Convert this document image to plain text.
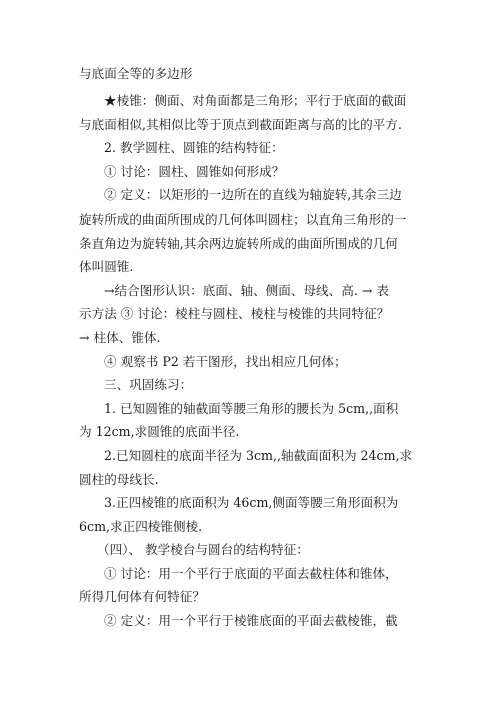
与底面全等的多边形
★棱锥：侧面、对角面都是三角形；平行于底面的截面
与底面相似,其相似比等于顶点到截面距离与高的比的平方.
2. 教学圆柱、圆锥的结构特征：
① 讨论：圆柱、圆锥如何形成？
② 定义：以矩形的一边所在的直线为轴旋转,其余三边
旋转所成的曲面所围成的几何体叫圆柱；以直角三角形的一
条直角边为旋转轴,其余两边旋转所成的曲面所围成的几何
体叫圆锥.
→结合图形认识：底面、轴、侧面、母线、高. → 表
示方法 ③ 讨论：棱柱与圆柱、棱柱与棱锥的共同特征？
→ 柱体、锥体.
④ 观察书 P2 若干图形，找出相应几何体；
三、巩固练习：
1. 已知圆锥的轴截面等腰三角形的腰长为 5cm,,面积
为 12cm,求圆锥的底面半径.
2.已知圆柱的底面半径为 3cm,,轴截面面积为 24cm,求
圆柱的母线长.
3.正四棱锥的底面积为 46cm,侧面等腰三角形面积为
6cm,求正四棱锥侧棱.
（四）、 教学棱台与圆台的结构特征：
① 讨论：用一个平行于底面的平面去截柱体和锥体，
所得几何体有何特征？
② 定义：用一个平行于棱锥底面的平面去截棱锥，截
